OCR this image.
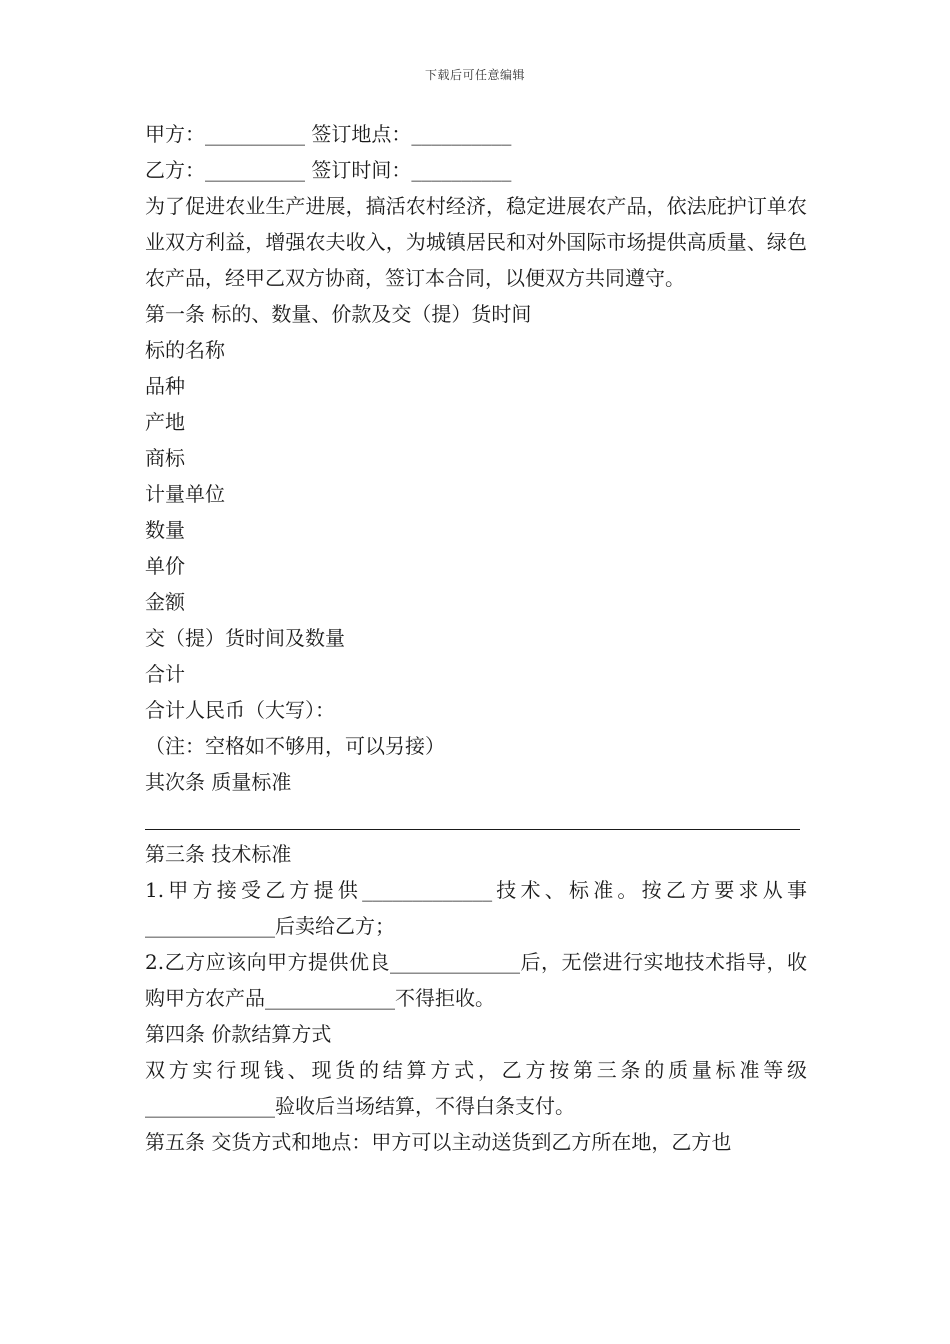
下载后可任意编辑

甲方：__________ 签订地点：__________

乙方：__________ 签订时间：__________

为了促进农业生产进展，搞活农村经济，稳定进展农产品，依法庇护订单农业双方利益，增强农夫收入，为城镇居民和对外国际市场提供高质量、绿色农产品，经甲乙双方协商，签订本合同，以便双方共同遵守。

第一条 标的、数量、价款及交（提）货时间

标的名称

品种

产地

商标

计量单位

数量

单价

金额

交（提）货时间及数量

合计

合计人民币（大写）：

（注：空格如不够用，可以另接）

其次条 质量标准

第三条 技术标准

1.甲方接受乙方提供_____________技术、标准。按乙方要求从事_____________后卖给乙方；

2.乙方应该向甲方提供优良_____________后，无偿进行实地技术指导，收购甲方农产品_____________不得拒收。

第四条 价款结算方式

双方实行现钱、现货的结算方式，乙方按第三条的质量标准等级_____________验收后当场结算，不得白条支付。

第五条 交货方式和地点：甲方可以主动送货到乙方所在地，乙方也
